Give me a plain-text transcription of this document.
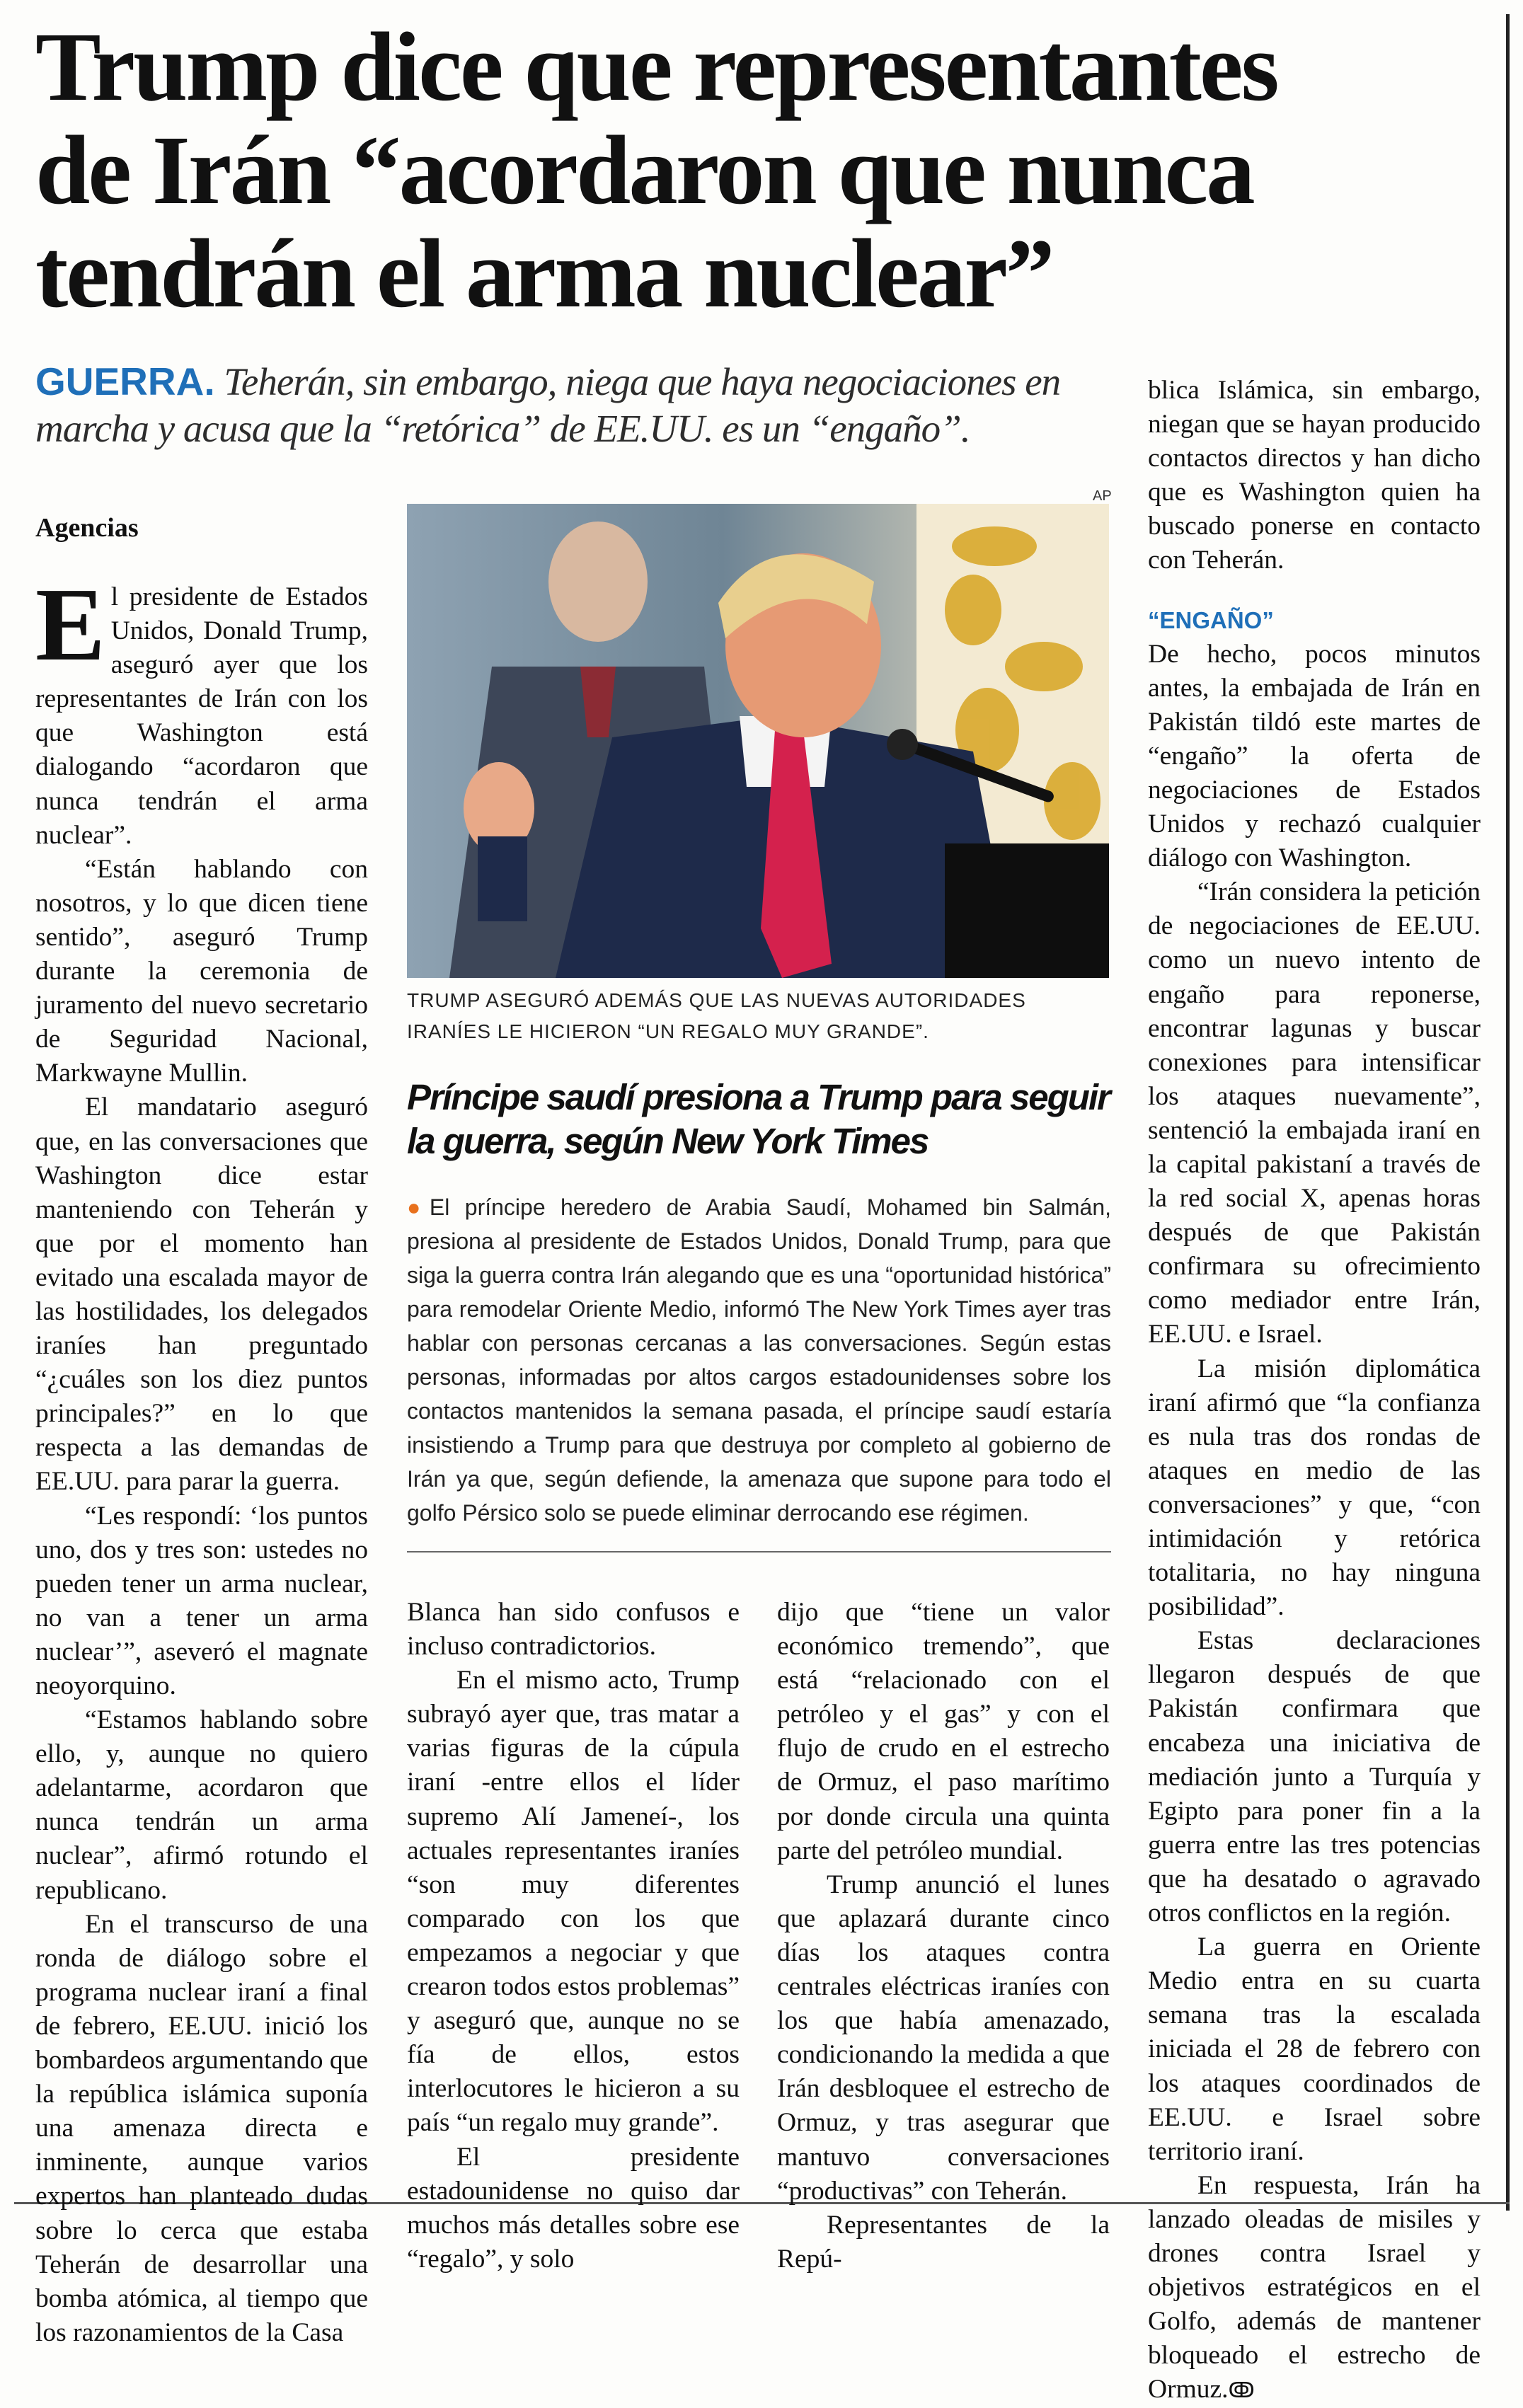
Trump dice que representantes
de Irán “acordaron que nunca
tendrán el arma nuclear”
GUERRA. Teherán, sin embargo, niega que haya negociaciones en marcha y acusa que la “retórica” de EE.UU. es un “engaño”.
Agencias

El presidente de Estados Unidos, Donald Trump, aseguró ayer que los representantes de Irán con los que Washington está dialogando “acordaron que nunca tendrán el arma nuclear”.

“Están hablando con nosotros, y lo que dicen tiene sentido”, aseguró Trump durante la ceremonia de juramento del nuevo secretario de Seguridad Nacional, Markwayne Mullin.

El mandatario aseguró que, en las conversaciones que Washington dice estar manteniendo con Teherán y que por el momento han evitado una escalada mayor de las hostilidades, los delegados iraníes han preguntado “¿cuáles son los diez puntos principales?” en lo que respecta a las demandas de EE.UU. para parar la guerra.

“Les respondí: ‘los puntos uno, dos y tres son: ustedes no pueden tener un arma nuclear, no van a tener un arma nuclear’”, aseveró el magnate neoyorquino.

“Estamos hablando sobre ello, y, aunque no quiero adelantarme, acordaron que nunca tendrán un arma nuclear”, afirmó rotundo el republicano.

En el transcurso de una ronda de diálogo sobre el programa nuclear iraní a final de febrero, EE.UU. inició los bombardeos argumentando que la república islámica suponía una amenaza directa e inminente, aunque varios expertos han planteado dudas sobre lo cerca que estaba Teherán de desarrollar una bomba atómica, al tiempo que los razonamientos de la Casa

AP
TRUMP ASEGURÓ ADEMÁS QUE LAS NUEVAS AUTORIDADES IRANÍES LE HICIERON “UN REGALO MUY GRANDE”.
Príncipe saudí presiona a Trump para seguir la guerra, según New York Times
●El príncipe heredero de Arabia Saudí, Mohamed bin Salmán, presiona al presidente de Estados Unidos, Donald Trump, para que siga la guerra contra Irán alegando que es una “oportunidad histórica” para remodelar Oriente Medio, informó The New York Times ayer tras hablar con personas cercanas a las conversaciones. Según estas personas, informadas por altos cargos estadounidenses sobre los contactos mantenidos la semana pasada, el príncipe saudí estaría insistiendo a Trump para que destruya por completo al gobierno de Irán ya que, según defiende, la amenaza que supone para todo el golfo Pérsico solo se puede eliminar derrocando ese régimen.

Blanca han sido confusos e incluso contradictorios.

En el mismo acto, Trump subrayó ayer que, tras matar a varias figuras de la cúpula iraní -entre ellos el líder supremo Alí Jameneí-, los actuales representantes iraníes “son muy diferentes comparado con los que empezamos a negociar y que crearon todos estos problemas” y aseguró que, aunque no se fía de ellos, estos interlocutores le hicieron a su país “un regalo muy grande”.

El presidente estadounidense no quiso dar muchos más detalles sobre ese “regalo”, y solo

dijo que “tiene un valor económico tremendo”, que está “relacionado con el petróleo y el gas” y con el flujo de crudo en el estrecho de Ormuz, el paso marítimo por donde circula una quinta parte del petróleo mundial.

Trump anunció el lunes que aplazará durante cinco días los ataques contra centrales eléctricas iraníes con los que había amenazado, condicionando la medida a que Irán desbloquee el estrecho de Ormuz, y tras asegurar que mantuvo conversaciones “productivas” con Teherán.

Representantes de la Repú-

blica Islámica, sin embargo, niegan que se hayan producido contactos directos y han dicho que es Washington quien ha buscado ponerse en contacto con Teherán.

“ENGAÑO”

De hecho, pocos minutos antes, la embajada de Irán en Pakistán tildó este martes de “engaño” la oferta de negociaciones de Estados Unidos y rechazó cualquier diálogo con Washington.

“Irán considera la petición de negociaciones de EE.UU. como un nuevo intento de engaño para reponerse, encontrar lagunas y buscar conexiones para intensificar los ataques nuevamente”, sentenció la embajada iraní en la capital pakistaní a través de la red social X, apenas horas después de que Pakistán confirmara su ofrecimiento como mediador entre Irán, EE.UU. e Israel.

La misión diplomática iraní afirmó que “la confianza es nula tras dos rondas de ataques en medio de las conversaciones” y que, “con intimidación y retórica totalitaria, no hay ninguna posibilidad”.

Estas declaraciones llegaron después de que Pakistán confirmara que encabeza una iniciativa de mediación junto a Turquía y Egipto para poner fin a la guerra entre las tres potencias que ha desatado o agravado otros conflictos en la región.

La guerra en Oriente Medio entra en su cuarta semana tras la escalada iniciada el 28 de febrero con los ataques coordinados de EE.UU. e Israel sobre territorio iraní.

En respuesta, Irán ha lanzado oleadas de misiles y drones contra Israel y objetivos estratégicos en el Golfo, además de mantener bloqueado el estrecho de Ormuz.ↂ
